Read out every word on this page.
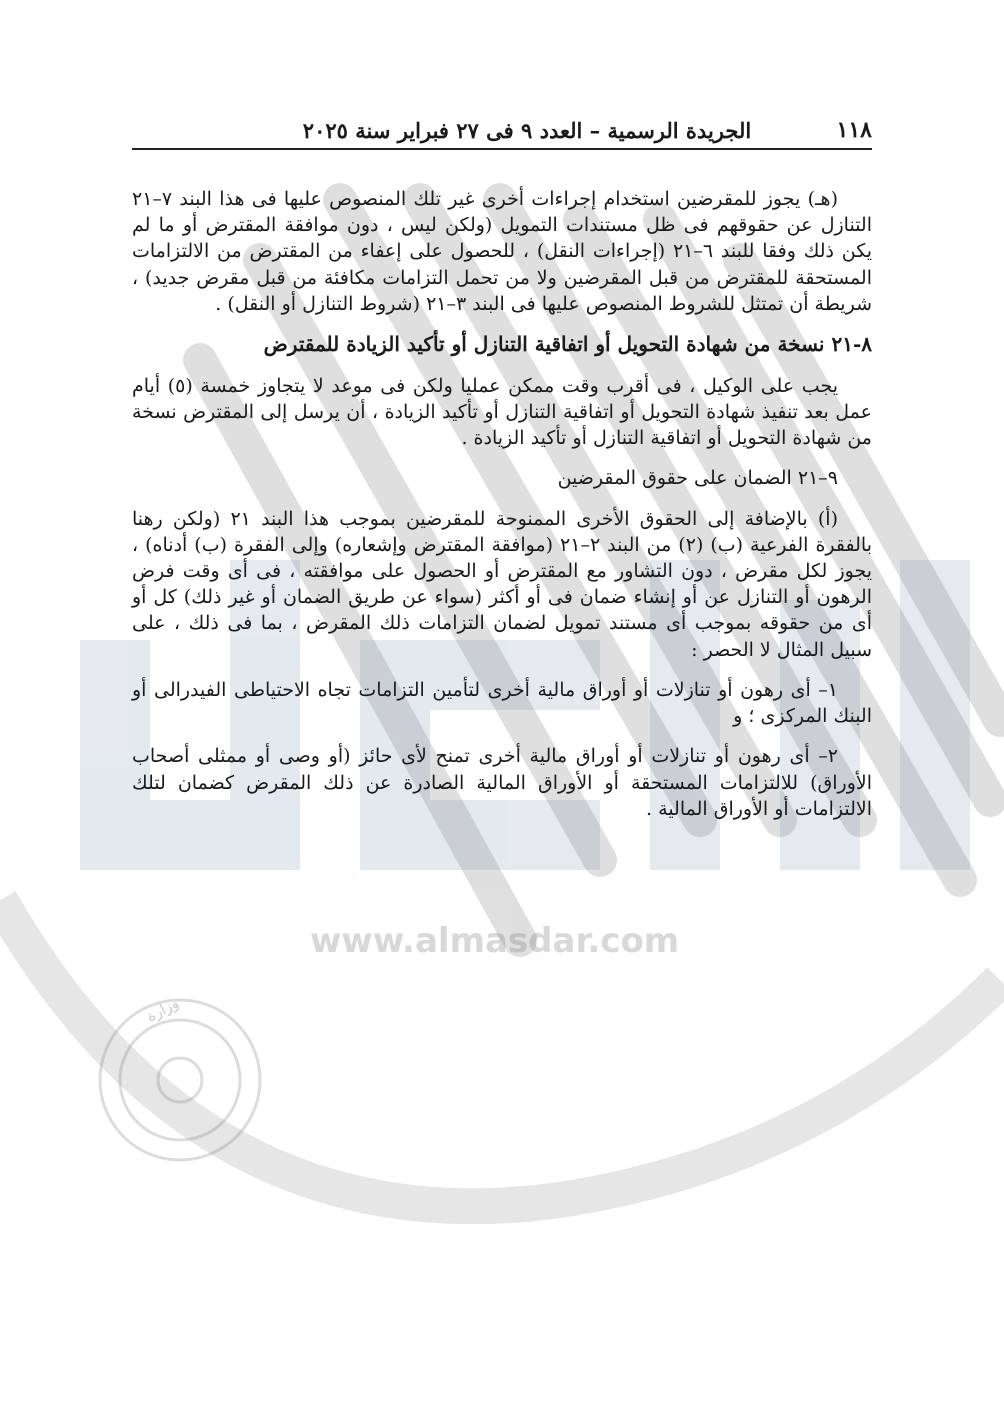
وزارة
www.almasdar.com
١١٨
الجريدة الرسمية – العدد ٩ فى ٢٧ فبراير سنة ٢٠٢٥

(هـ) يجوز للمقرضين استخدام إجراءات أخرى غير تلك المنصوص عليها فى هذا البند ٧–٢١ التنازل عن حقوقهم فى ظل مستندات التمويل (ولكن ليس ، دون موافقة المقترض أو ما لم يكن ذلك وفقا للبند ٦–٢١ (إجراءات النقل) ، للحصول على إعفاء من المقترض من الالتزامات المستحقة للمقترض من قبل المقرضين ولا من تحمل التزامات مكافئة من قبل مقرض جديد) ، شريطة أن تمتثل للشروط المنصوص عليها فى البند ٣–٢١ (شروط التنازل أو النقل) .

٨-٢١ نسخة من شهادة التحويل أو اتفاقية التنازل أو تأكيد الزيادة للمقترض

يجب على الوكيل ، فى أقرب وقت ممكن عمليا ولكن فى موعد لا يتجاوز خمسة (٥) أيام عمل بعد تنفيذ شهادة التحويل أو اتفاقية التنازل أو تأكيد الزيادة ، أن يرسل إلى المقترض نسخة من شهادة التحويل أو اتفاقية التنازل أو تأكيد الزيادة .

٩–٢١ الضمان على حقوق المقرضين

(أ) بالإضافة إلى الحقوق الأخرى الممنوحة للمقرضين بموجب هذا البند ٢١ (ولكن رهنا بالفقرة الفرعية (ب) (٢) من البند ٢–٢١ (موافقة المقترض وإشعاره) وإلى الفقرة (ب) أدناه) ، يجوز لكل مقرض ، دون التشاور مع المقترض أو الحصول على موافقته ، فى أى وقت فرض الرهون أو التنازل عن أو إنشاء ضمان فى أو أكثر (سواء عن طريق الضمان أو غير ذلك) كل أو أى من حقوقه بموجب أى مستند تمويل لضمان التزامات ذلك المقرض ، بما فى ذلك ، على سبيل المثال لا الحصر :

١– أى رهون أو تنازلات أو أوراق مالية أخرى لتأمين التزامات تجاه الاحتياطى الفيدرالى أو البنك المركزى ؛ و

٢– أى رهون أو تنازلات أو أوراق مالية أخرى تمنح لأى حائز (أو وصى أو ممثلى أصحاب الأوراق) للالتزامات المستحقة أو الأوراق المالية الصادرة عن ذلك المقرض كضمان لتلك الالتزامات أو الأوراق المالية .
